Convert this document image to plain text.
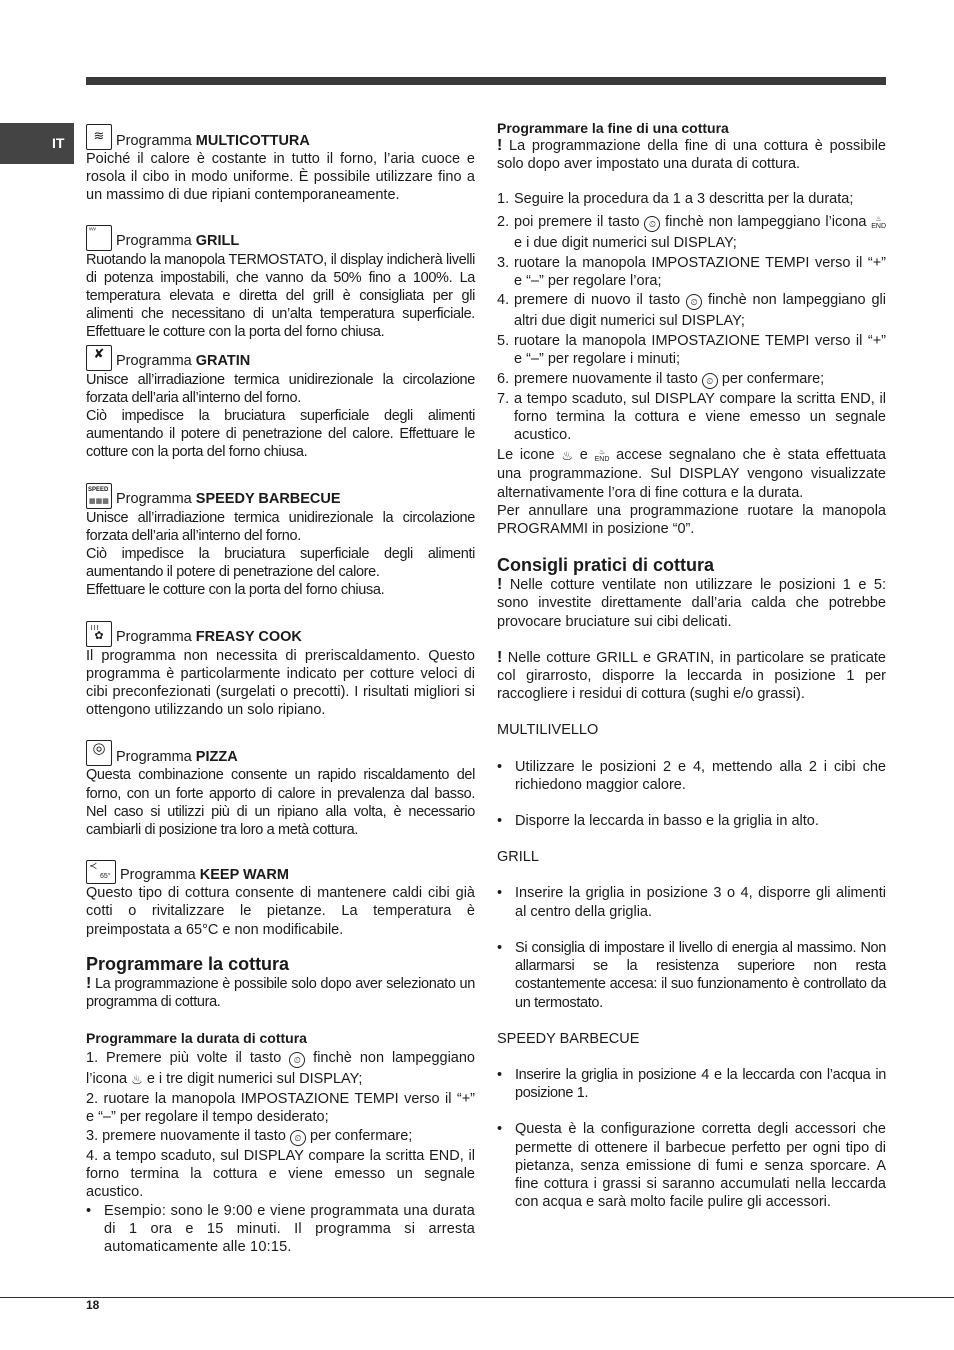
IT	≋ Programma MULTICOTTURA

Poiché il calore è costante in tutto il forno, l’aria cuoce e rosola il cibo in modo uniforme. È possibile utilizzare fino a un massimo di due ripiani contemporaneamente.

ᵛᵛᵛ
Programma GRILL

Ruotando la manopola TERMOSTATO, il display indicherà livelli di potenza impostabili, che vanno da 50% fino a 100%. La temperatura elevata e diretta del grill è consigliata per gli alimenti che necessitano di un’alta temperatura superficiale. Effettuare le cotture con la porta del forno chiusa.

✘
Programma GRATIN

Unisce all’irradiazione termica unidirezionale la circolazione forzata dell’aria all’interno del forno.

Ciò impedisce la bruciatura superficiale degli alimenti aumentando il potere di penetrazione del calore. Effettuare le cotture con la porta del forno chiusa.

SPEED
▦▦▦ Programma SPEEDY BARBECUE

Unisce all’irradiazione termica unidirezionale la circolazione forzata dell’aria all’interno del forno.

Ciò impedisce la bruciatura superficiale degli alimenti aumentando il potere di penetrazione del calore.

Effettuare le cotture con la porta del forno chiusa.

≀≀≀
✿ Programma FREASY COOK

Il programma non necessita di preriscaldamento. Questo programma è particolarmente indicato per cotture veloci di cibi preconfezionati (surgelati o precotti). I risultati migliori si ottengono utilizzando un solo ripiano.

◎ Programma PIZZA

Questa combinazione consente un rapido riscaldamento del forno, con un forte apporto di calore in prevalenza dal basso. Nel caso si utilizzi più di un ripiano alla volta, è necessario cambiarli di posizione tra loro a metà cottura.

≺
65° Programma KEEP WARM

Questo tipo di cottura consente di mantenere caldi cibi già cotti o rivitalizzare le pietanze. La temperatura è preimpostata a 65°C e non modificabile.

Programmare la cottura

! La programmazione è possibile solo dopo aver selezionato un programma di cottura.

Programmare la durata di cottura

1. Premere più volte il tasto ⏲ finchè non lampeggiano l’icona ♨ e i tre digit numerici sul DISPLAY;

2. ruotare la manopola IMPOSTAZIONE TEMPI verso il “+” e “–” per regolare il tempo desiderato;

3. premere nuovamente il tasto ⏲ per confermare;

4. a tempo scaduto, sul DISPLAY compare la scritta END, il forno termina la cottura e viene emesso un segnale acustico.

• Esempio: sono le 9:00 e viene programmata una durata di 1 ora e 15 minuti. Il programma si arresta automaticamente alle 10:15.

Programmare la fine di una cottura

! La programmazione della fine di una cottura è possibile solo dopo aver impostato una durata di cottura.

1. Seguire la procedura da 1 a 3 descritta per la durata;
2. poi premere il tasto ⏲ finchè non lampeggiano l’icona ♨
END e i due digit numerici sul DISPLAY;
3. ruotare la manopola IMPOSTAZIONE TEMPI verso il “+” e “–” per regolare l’ora;
4. premere di nuovo il tasto ⏲ finchè non lampeggiano gli altri due digit numerici sul DISPLAY;
5. ruotare la manopola IMPOSTAZIONE TEMPI verso il “+” e “–” per regolare i minuti;
6. premere nuovamente il tasto ⏲ per confermare;
7. a tempo scaduto, sul DISPLAY compare la scritta END, il forno termina la cottura e viene emesso un segnale acustico.

Le icone ♨ e ♨
END accese segnalano che è stata effettuata una programmazione. Sul DISPLAY vengono visualizzate alternativamente l’ora di fine cottura e la durata.

Per annullare una programmazione ruotare la manopola PROGRAMMI in posizione “0”.

Consigli pratici di cottura

! Nelle cotture ventilate non utilizzare le posizioni 1 e 5: sono investite direttamente dall’aria calda che potrebbe provocare bruciature sui cibi delicati.

! Nelle cotture GRILL e GRATIN, in particolare se praticate col girarrosto, disporre la leccarda in posizione 1 per raccogliere i residui di cottura (sughi e/o grassi).

MULTILIVELLO

• Utilizzare le posizioni 2 e 4, mettendo alla 2 i cibi che richiedono maggior calore.
• Disporre la leccarda in basso e la griglia in alto.

GRILL

• Inserire la griglia in posizione 3 o 4, disporre gli alimenti al centro della griglia.
• Si consiglia di impostare il livello di energia al massimo. Non allarmarsi se la resistenza superiore non resta costantemente accesa: il suo funzionamento è controllato da un termostato.

SPEEDY BARBECUE

• Inserire la griglia in posizione 4 e la leccarda con l’acqua in posizione 1.
• Questa è la configurazione corretta degli accessori che permette di ottenere il barbecue perfetto per ogni tipo di pietanza, senza emissione di fumi e senza sporcare. A fine cottura i grassi si saranno accumulati nella leccarda con acqua e sarà molto facile pulire gli accessori.
18
